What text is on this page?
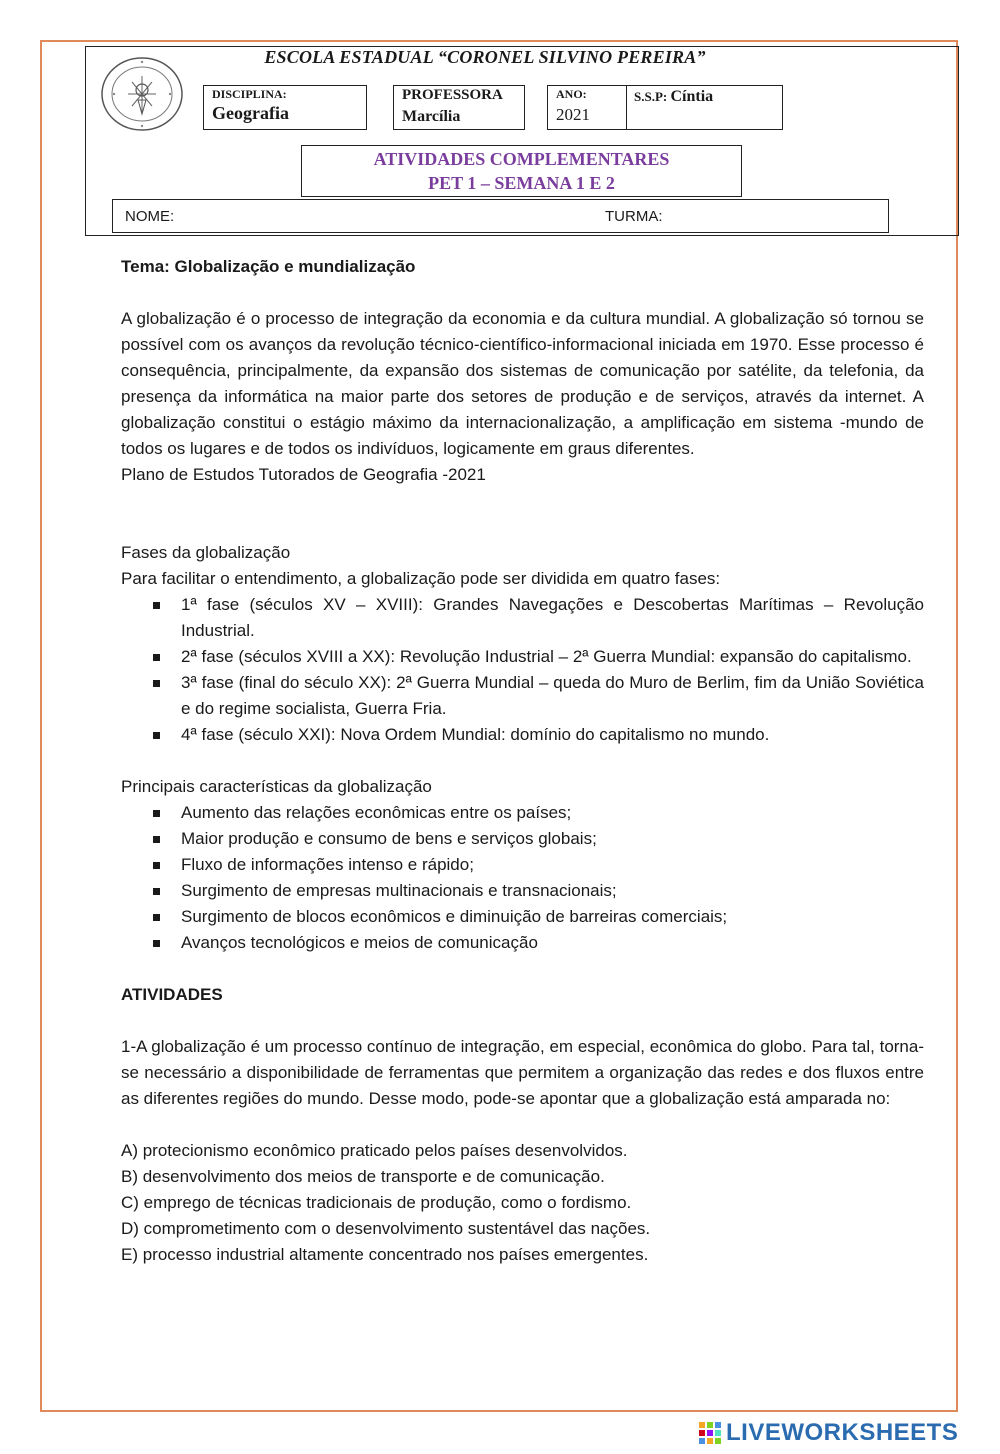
ESCOLA ESTADUAL “CORONEL SILVINO PEREIRA”
DISCIPLINA:
Geografia
PROFESSORA
Marcília
ANO:
2021
S.S.P: Cíntia
ATIVIDADES COMPLEMENTARES
PET 1 – SEMANA 1 E 2
NOME:	TURMA:

Tema: Globalização e mundialização

A globalização é o processo de integração da economia e da cultura mundial. A globalização só tornou se possível com os avanços da revolução técnico-científico-informacional iniciada em 1970. Esse processo é consequência, principalmente, da expansão dos sistemas de comunicação por satélite, da telefonia, da presença da informática na maior parte dos setores de produção e de serviços, através da internet. A globalização constitui o estágio máximo da internacionalização, a amplificação em sistema -mundo de todos os lugares e de todos os indivíduos, logicamente em graus diferentes.

Plano de Estudos Tutorados de Geografia -2021

Fases da globalização

Para facilitar o entendimento, a globalização pode ser dividida em quatro fases:

1ª fase (séculos XV – XVIII): Grandes Navegações e Descobertas Marítimas – Revolução Industrial.
2ª fase (séculos XVIII a XX): Revolução Industrial – 2ª Guerra Mundial: expansão do capitalismo.
3ª fase (final do século XX): 2ª Guerra Mundial – queda do Muro de Berlim, fim da União Soviética e do regime socialista, Guerra Fria.
4ª fase (século XXI): Nova Ordem Mundial: domínio do capitalismo no mundo.

Principais características da globalização

Aumento das relações econômicas entre os países;
Maior produção e consumo de bens e serviços globais;
Fluxo de informações intenso e rápido;
Surgimento de empresas multinacionais e transnacionais;
Surgimento de blocos econômicos e diminuição de barreiras comerciais;
Avanços tecnológicos e meios de comunicação

ATIVIDADES

1-A globalização é um processo contínuo de integração, em especial, econômica do globo. Para tal, torna-se necessário a disponibilidade de ferramentas que permitem a organização das redes e dos fluxos entre as diferentes regiões do mundo. Desse modo, pode-se apontar que a globalização está amparada no:

A) protecionismo econômico praticado pelos países desenvolvidos.

B) desenvolvimento dos meios de transporte e de comunicação.

C) emprego de técnicas tradicionais de produção, como o fordismo.

D) comprometimento com o desenvolvimento sustentável das nações.

E) processo industrial altamente concentrado nos países emergentes.

LIVEWORKSHEETS
